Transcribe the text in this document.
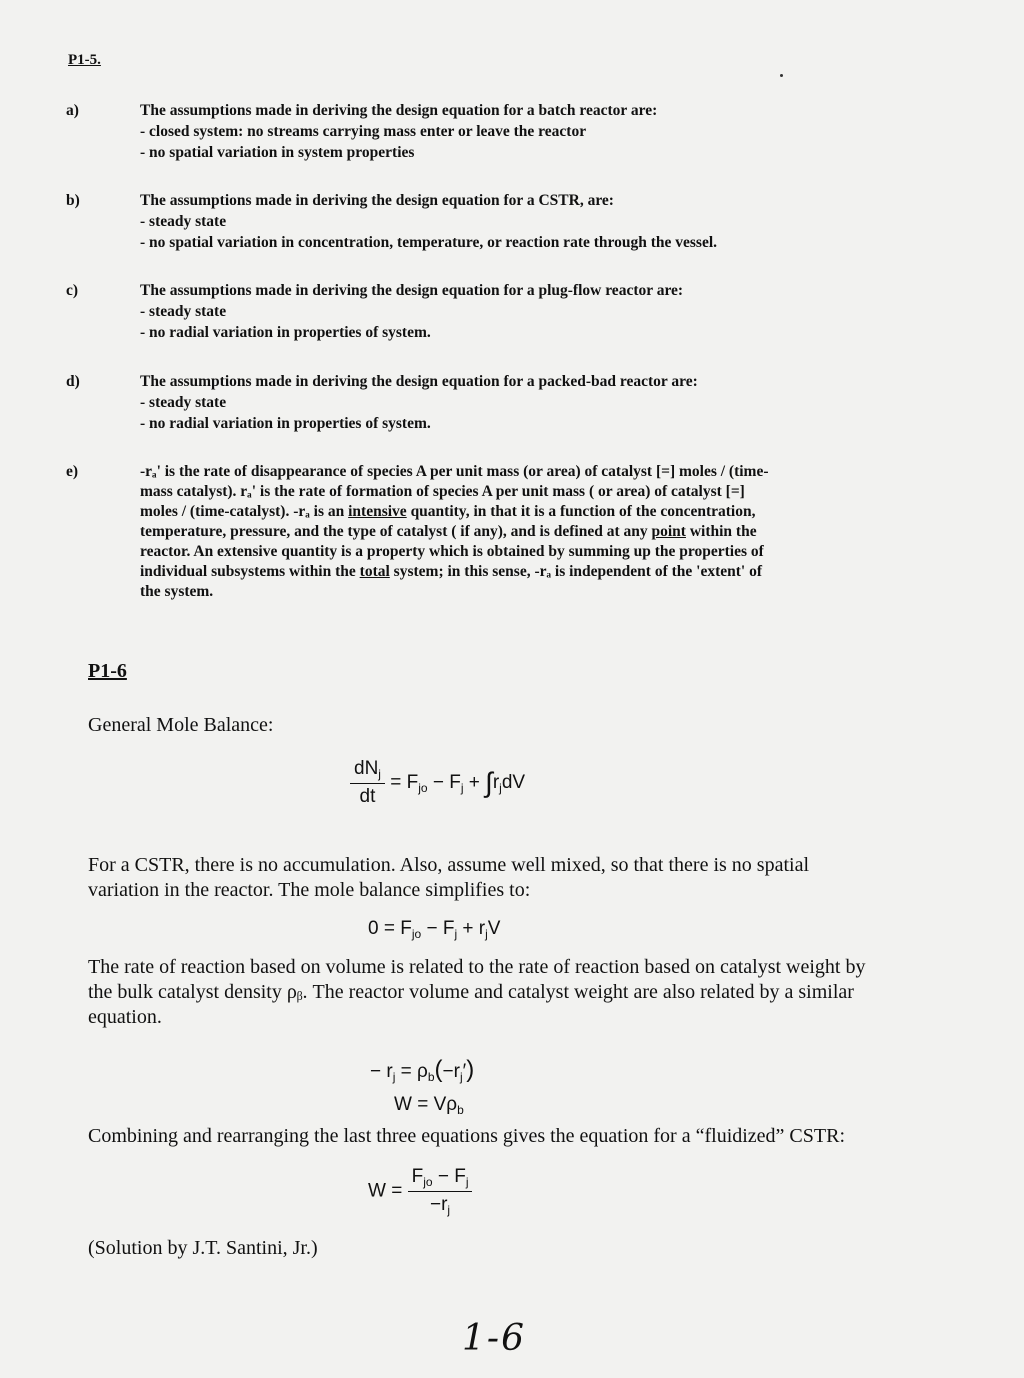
P1-5.
a)	The assumptions made in deriving the design equation for a batch reactor are:
- closed system: no streams carrying mass enter or leave the reactor
- no spatial variation in system properties
b)	The assumptions made in deriving the design equation for a CSTR, are:
- steady state
- no spatial variation in concentration, temperature, or reaction rate through the vessel.
c)	The assumptions made in deriving the design equation for a plug-flow reactor are:
- steady state
- no radial variation in properties of system.
d)	The assumptions made in deriving the design equation for a packed-bad reactor are:
- steady state
- no radial variation in properties of system.
e)	-rₐ' is the rate of disappearance of species A per unit mass (or area) of catalyst [=] moles / (time-
mass catalyst). rₐ' is the rate of formation of species A per unit mass ( or area) of catalyst [=]
moles / (time-catalyst). -rₐ is an intensive quantity, in that it is a function of the concentration,
temperature, pressure, and the type of catalyst ( if any), and is defined at any point within the
reactor. An extensive quantity is a property which is obtained by summing up the properties of
individual subsystems within the total system; in this sense, -rₐ is independent of the 'extent' of
the system.
P1-6
General Mole Balance:
$\frac{dN_j}{dt} = F_{jo} - F_j + \int r_jdV$
For a CSTR, there is no accumulation. Also, assume well mixed, so that there is no spatial
variation in the reactor. The mole balance simplifies to:
$0 = F_{jo} - F_j + r_jV$
The rate of reaction based on volume is related to the rate of reaction based on catalyst weight by
the bulk catalyst density ρᵦ. The reactor volume and catalyst weight are also related by a similar
equation.
− $r_j = \rho_b(-r_j')$
$W = V\rho_b$
Combining and rearranging the last three equations gives the equation for a “fluidized” CSTR:
$W = \frac{F_{jo} - F_j}{-r_j}$
(Solution by J.T. Santini, Jr.)
1-6
